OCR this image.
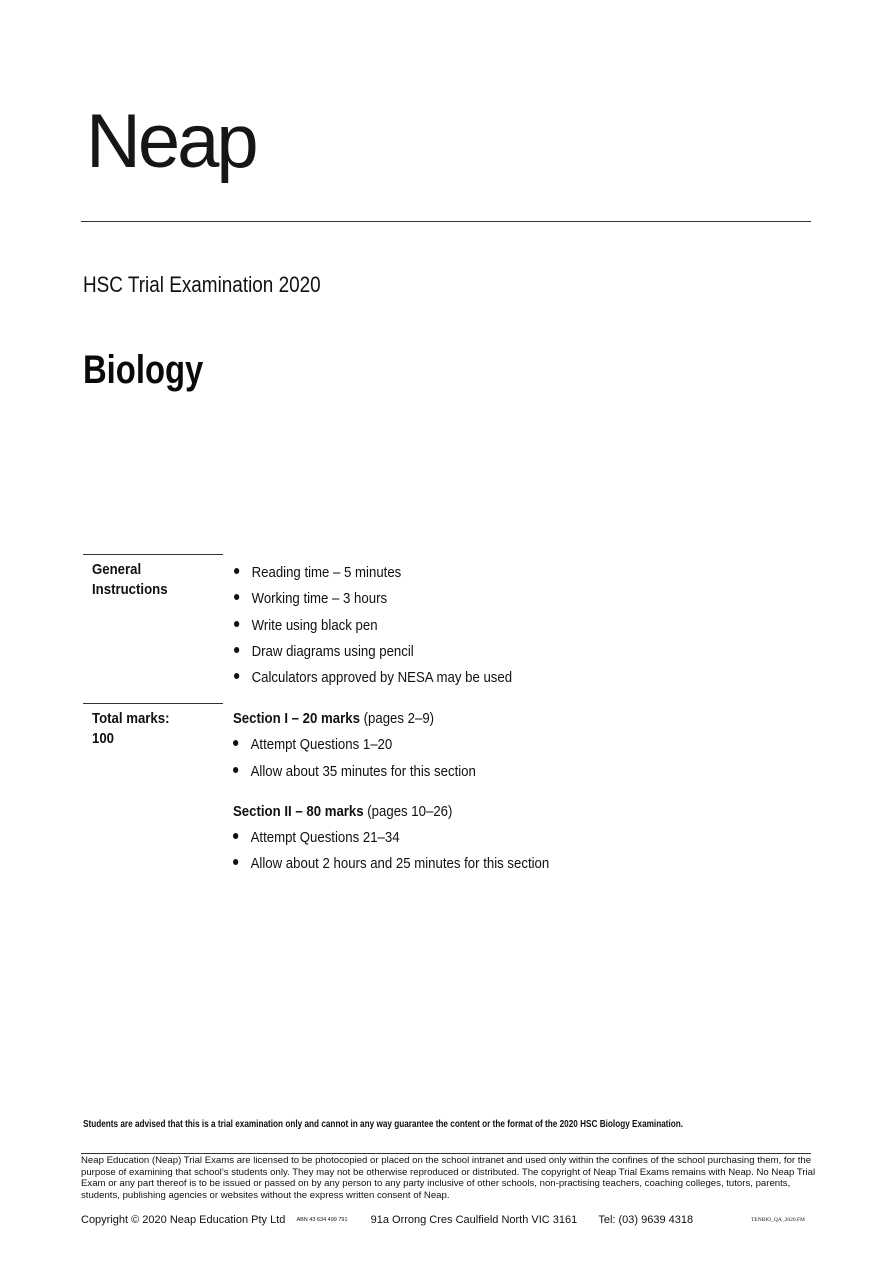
Neap
HSC Trial Examination 2020
Biology
General Instructions
Reading time – 5 minutes
Working time – 3 hours
Write using black pen
Draw diagrams using pencil
Calculators approved by NESA may be used
Total marks: 100
Section I – 20 marks (pages 2–9)
Attempt Questions 1–20
Allow about 35 minutes for this section
Section II – 80 marks (pages 10–26)
Attempt Questions 21–34
Allow about 2 hours and 25 minutes for this section
Students are advised that this is a trial examination only and cannot in any way guarantee the content or the format of the 2020 HSC Biology Examination.
Neap Education (Neap) Trial Exams are licensed to be photocopied or placed on the school intranet and used only within the confines of the school purchasing them, for the purpose of examining that school’s students only. They may not be otherwise reproduced or distributed. The copyright of Neap Trial Exams remains with Neap. No Neap Trial Exam or any part thereof is to be issued or passed on by any person to any party inclusive of other schools, non-practising teachers, coaching colleges, tutors, parents, students, publishing agencies or websites without the express written consent of Neap.
Copyright © 2020 Neap Education Pty Ltd ABN 43 634 499 791 91a Orrong Cres Caulfield North VIC 3161 Tel: (03) 9639 4318	TENBIO_QA_2020.FM
